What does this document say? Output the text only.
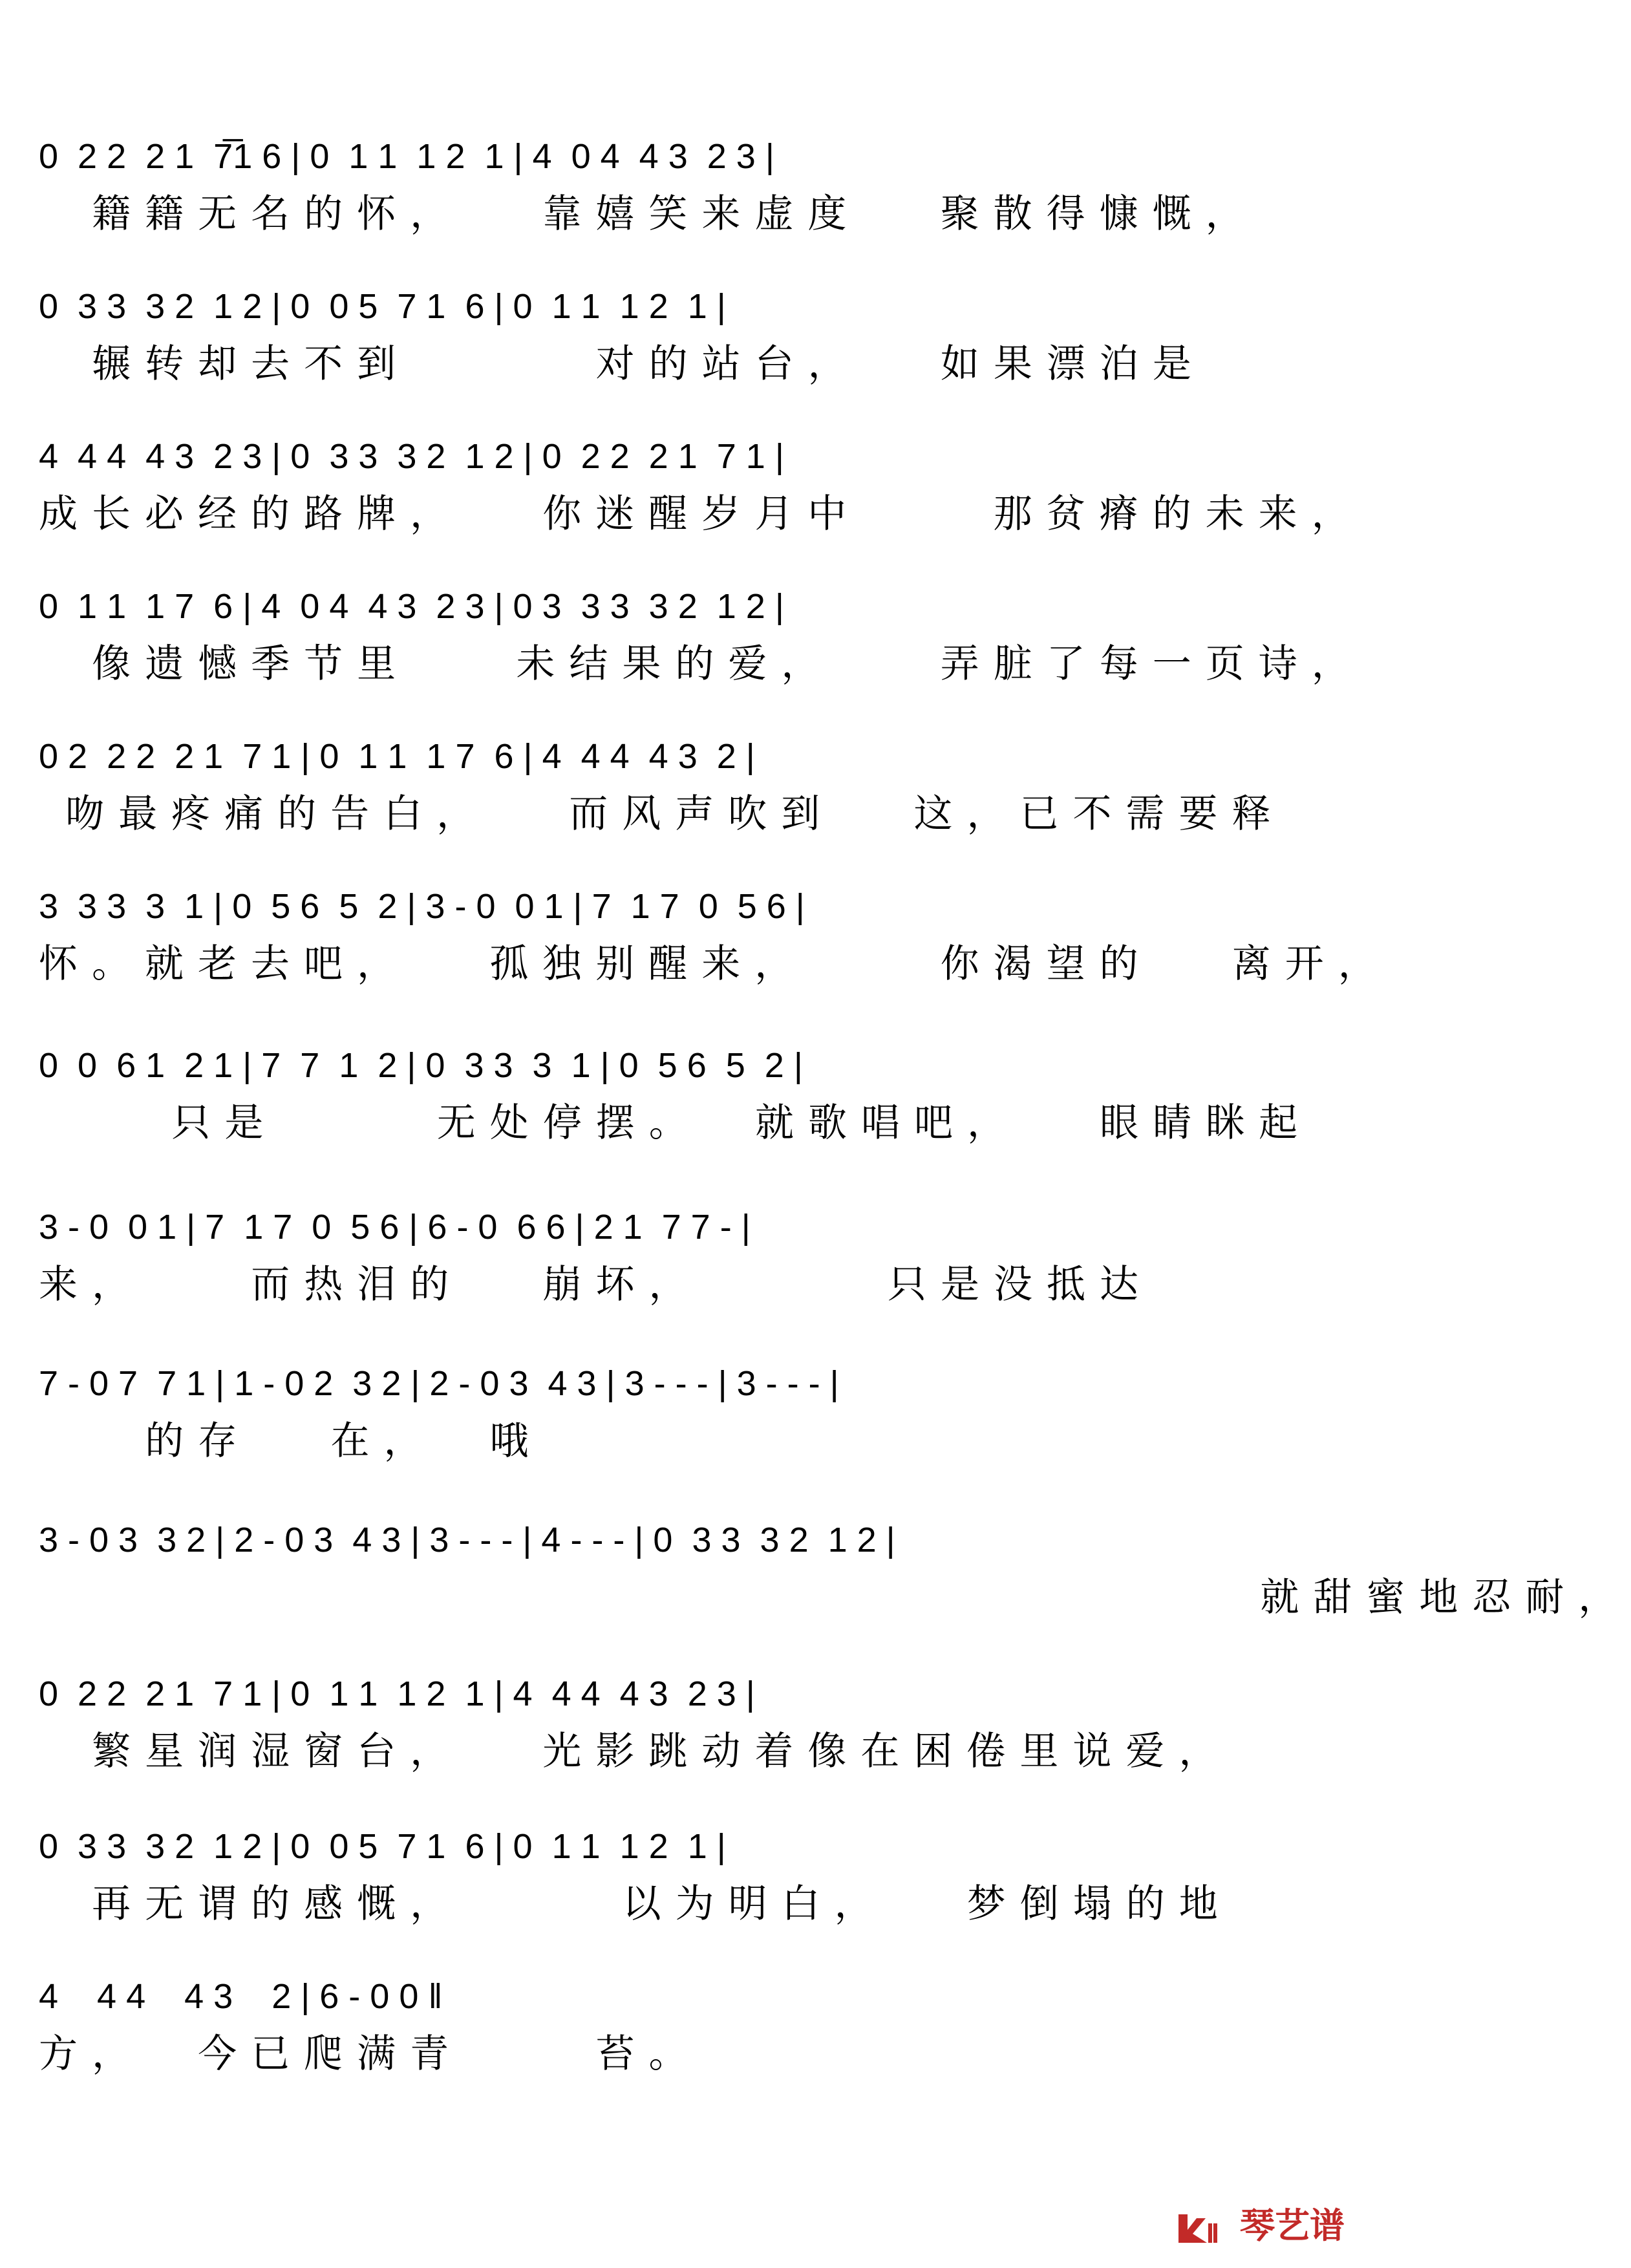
0  2 2  2 1  7̅1 6 | 0  1 1  1 2  1 | 4  0 4  4 3  2 3 |
籍籍无名的怀，   靠嬉笑来虚度   聚散得慷慨，
0  3 3  3 2  1 2 | 0  0 5  7 1  6 | 0  1 1  1 2  1 |
辗转却去不到       对的站台，   如果漂泊是
4  4 4  4 3  2 3 | 0  3 3  3 2  1 2 | 0  2 2  2 1  7 1 |
成长必经的路牌，   你迷醒岁月中     那贫瘠的未来，
0  1 1  1 7  6 | 4  0 4  4 3  2 3 | 0 3  3 3  3 2  1 2 |
像遗憾季节里    未结果的爱，    弄脏了每一页诗，
0 2  2 2  2 1  7 1 | 0  1 1  1 7  6 | 4  4 4  4 3  2 |
吻最疼痛的告白，   而风声吹到   这，已不需要释
3  3 3  3  1 | 0  5 6  5  2 | 3 - 0  0 1 | 7  1 7  0  5 6 |
怀。就老去吧，   孤独别醒来，     你渴望的   离开，
0  0  6 1  2 1 | 7  7  1  2 | 0  3 3  3  1 | 0  5 6  5  2 |
只是      无处停摆。  就歌唱吧，   眼睛眯起
3 - 0  0 1 | 7  1 7  0  5 6 | 6 - 0  6 6 | 2 1  7 7 - |
来，    而热泪的   崩坏，       只是没抵达
7 - 0 7  7 1 | 1 - 0 2  3 2 | 2 - 0 3  4 3 | 3 - - - | 3 - - - |
的存   在，  哦
3 - 0 3  3 2 | 2 - 0 3  4 3 | 3 - - - | 4 - - - | 0  3 3  3 2  1 2 |
就甜蜜地忍耐，
0  2 2  2 1  7 1 | 0  1 1  1 2  1 | 4  4 4  4 3  2 3 |
繁星润湿窗台，   光影跳动着像在困倦里说爱，
0  3 3  3 2  1 2 | 0  0 5  7 1  6 | 0  1 1  1 2  1 |
再无谓的感慨，      以为明白，   梦倒塌的地
4    4 4    4 3    2 | 6 - 0 0 ‖
方，  今已爬满青     苔。
琴艺谱
